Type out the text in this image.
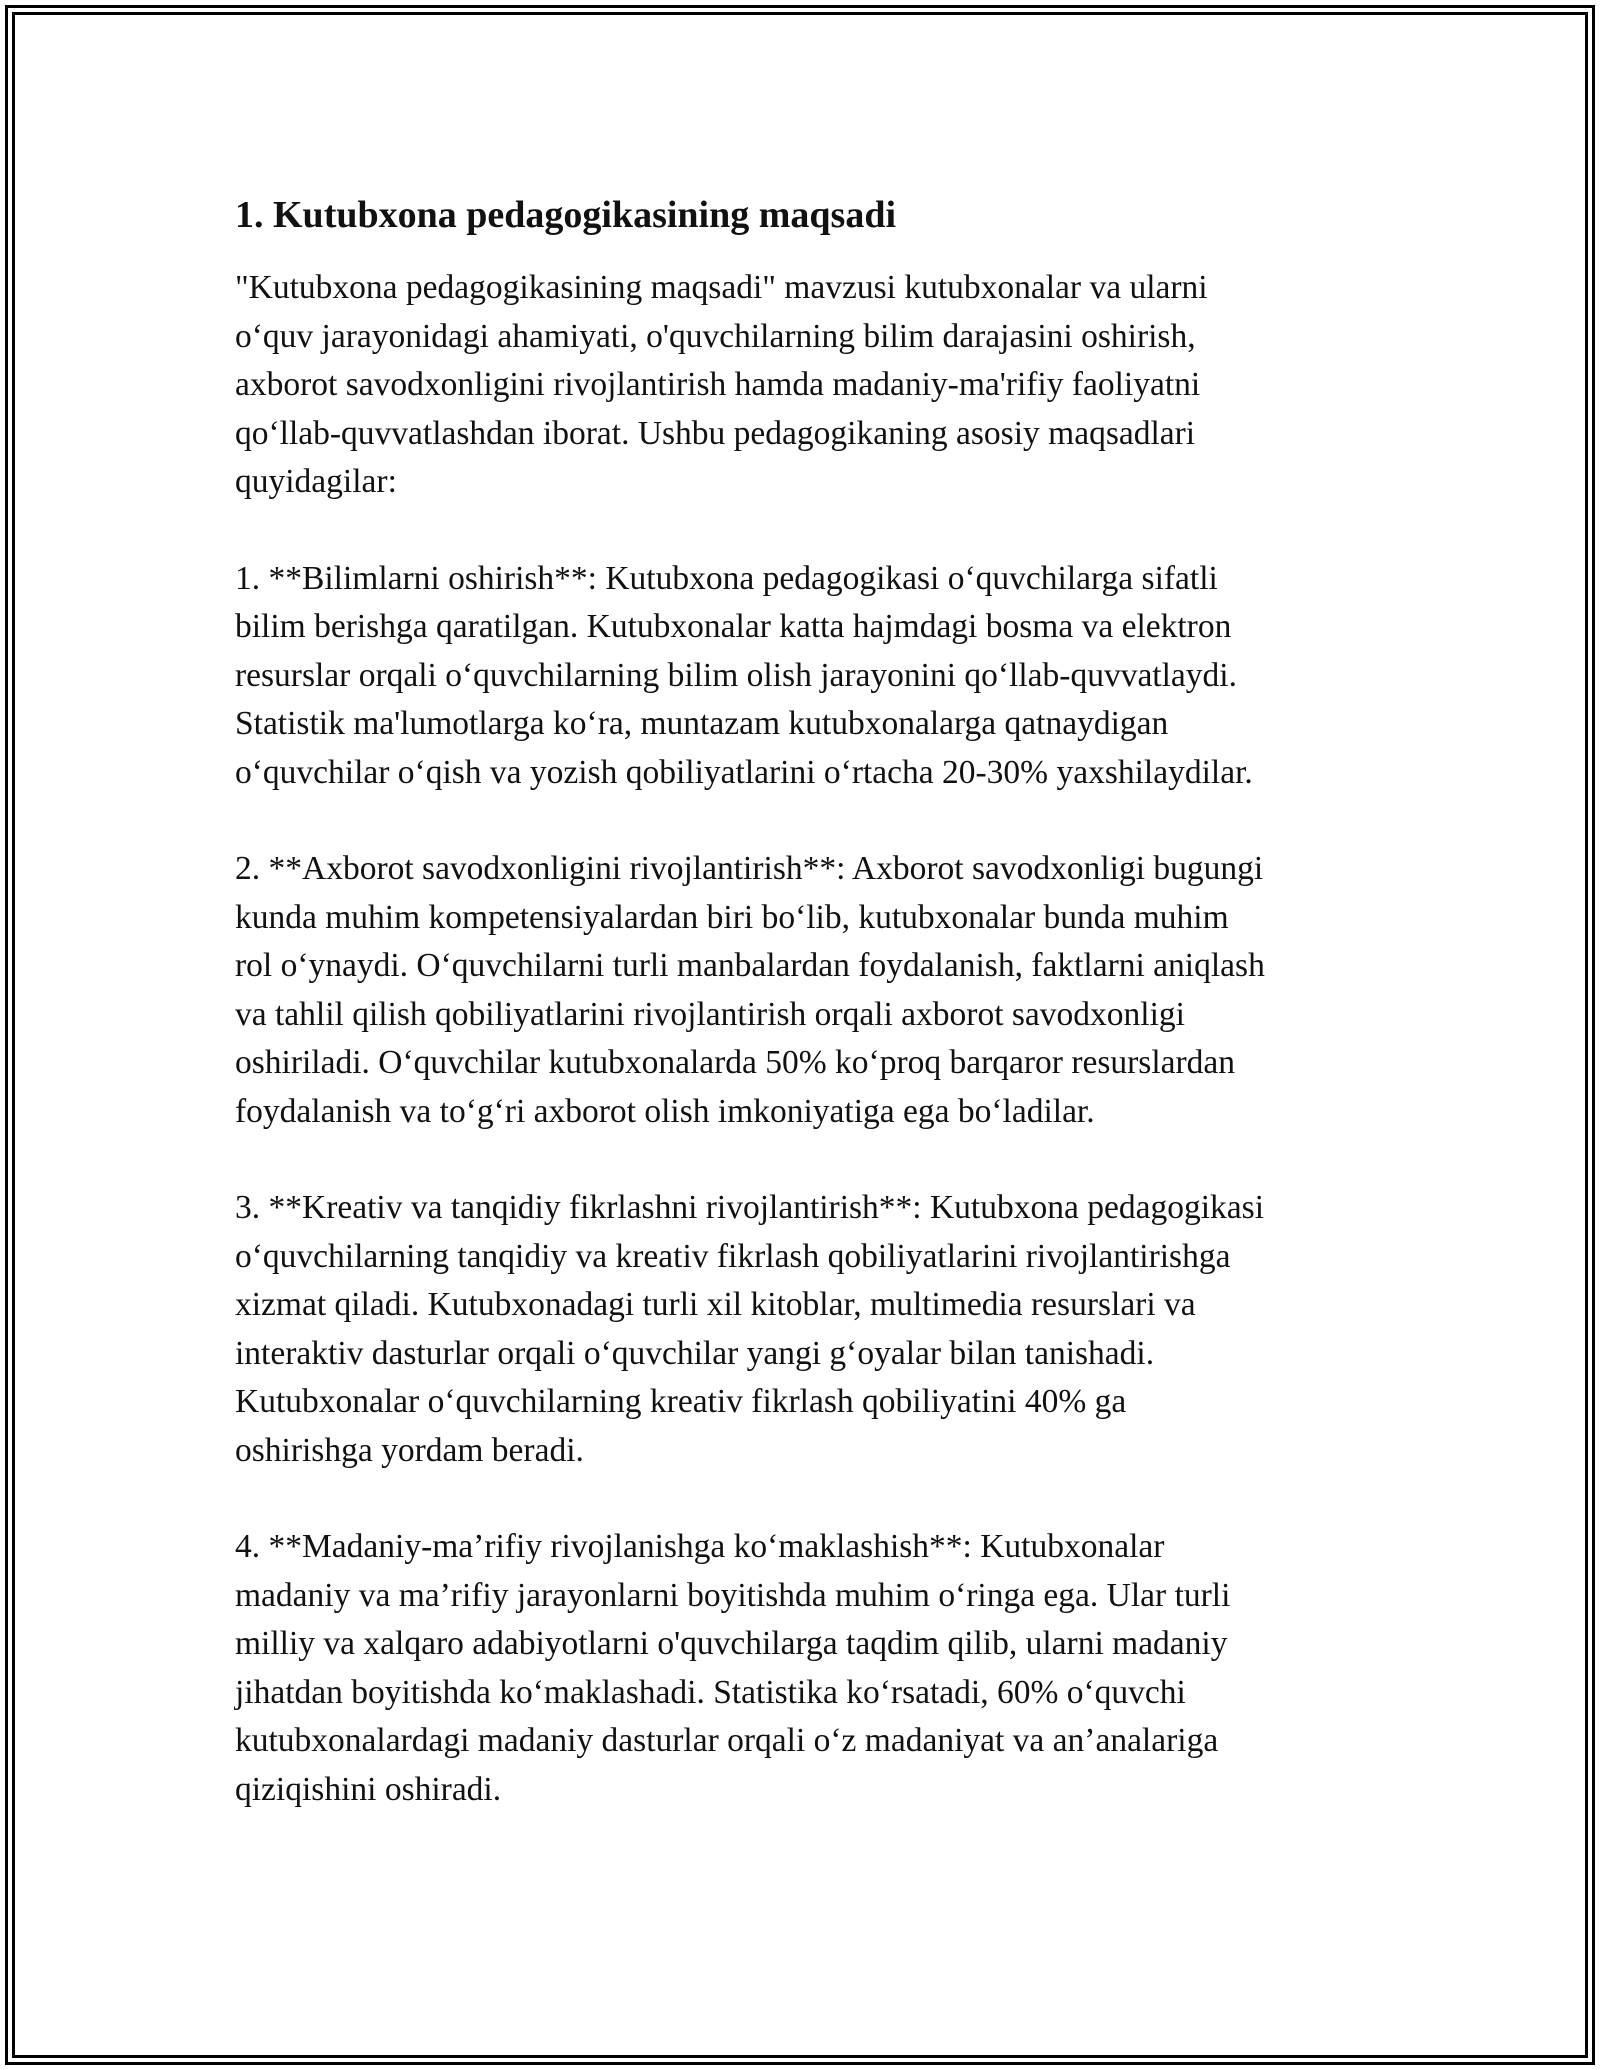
1. Kutubxona pedagogikasining maqsadi

"Kutubxona pedagogikasining maqsadi" mavzusi kutubxonalar va ularni
o‘quv jarayonidagi ahamiyati, o'quvchilarning bilim darajasini oshirish,
axborot savodxonligini rivojlantirish hamda madaniy-ma'rifiy faoliyatni
qo‘llab-quvvatlashdan iborat. Ushbu pedagogikaning asosiy maqsadlari
quyidagilar:

1. **Bilimlarni oshirish**: Kutubxona pedagogikasi o‘quvchilarga sifatli
bilim berishga qaratilgan. Kutubxonalar katta hajmdagi bosma va elektron
resurslar orqali o‘quvchilarning bilim olish jarayonini qo‘llab-quvvatlaydi.
Statistik ma'lumotlarga ko‘ra, muntazam kutubxonalarga qatnaydigan
o‘quvchilar o‘qish va yozish qobiliyatlarini o‘rtacha 20-30% yaxshilaydilar.

2. **Axborot savodxonligini rivojlantirish**: Axborot savodxonligi bugungi
kunda muhim kompetensiyalardan biri bo‘lib, kutubxonalar bunda muhim
rol o‘ynaydi. O‘quvchilarni turli manbalardan foydalanish, faktlarni aniqlash
va tahlil qilish qobiliyatlarini rivojlantirish orqali axborot savodxonligi
oshiriladi. O‘quvchilar kutubxonalarda 50% ko‘proq barqaror resurslardan
foydalanish va to‘g‘ri axborot olish imkoniyatiga ega bo‘ladilar.

3. **Kreativ va tanqidiy fikrlashni rivojlantirish**: Kutubxona pedagogikasi
o‘quvchilarning tanqidiy va kreativ fikrlash qobiliyatlarini rivojlantirishga
xizmat qiladi. Kutubxonadagi turli xil kitoblar, multimedia resurslari va
interaktiv dasturlar orqali o‘quvchilar yangi g‘oyalar bilan tanishadi.
Kutubxonalar o‘quvchilarning kreativ fikrlash qobiliyatini 40% ga
oshirishga yordam beradi.

4. **Madaniy-ma’rifiy rivojlanishga ko‘maklashish**: Kutubxonalar
madaniy va ma’rifiy jarayonlarni boyitishda muhim o‘ringa ega. Ular turli
milliy va xalqaro adabiyotlarni o'quvchilarga taqdim qilib, ularni madaniy
jihatdan boyitishda ko‘maklashadi. Statistika ko‘rsatadi, 60% o‘quvchi
kutubxonalardagi madaniy dasturlar orqali o‘z madaniyat va an’analariga
qiziqishini oshiradi.
